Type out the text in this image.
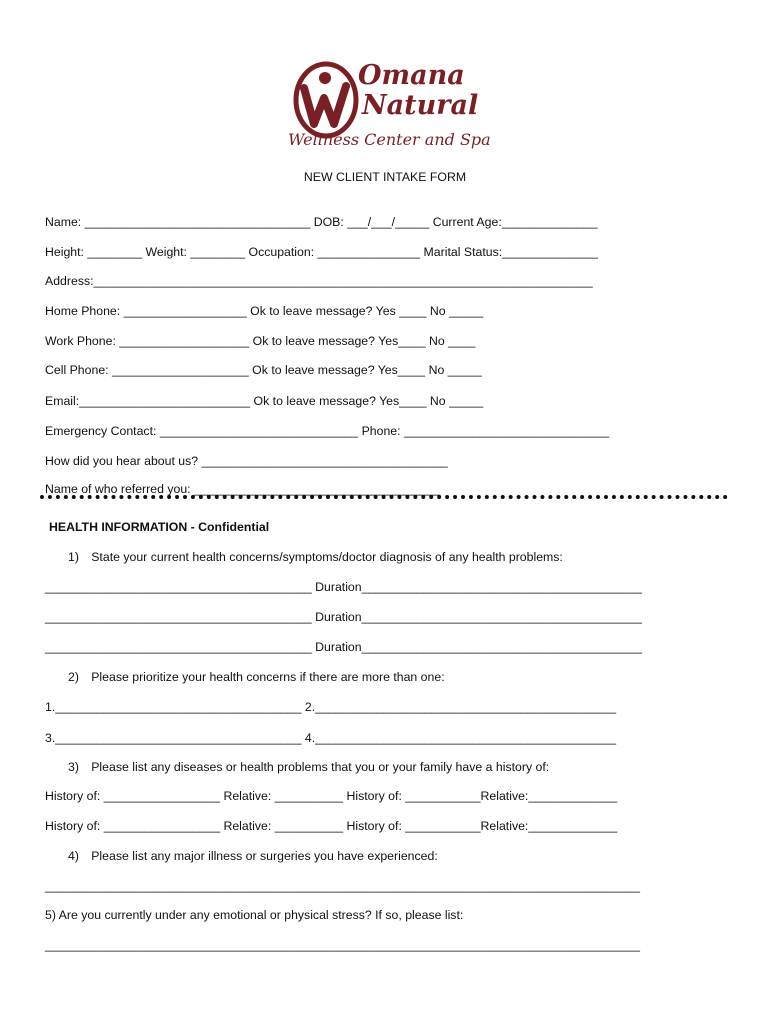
Omana
Natural
Wellness Center and Spa
NEW CLIENT INTAKE FORM
Name: _________________________________ DOB: ___/___/_____ Current Age:______________
Height: ________ Weight: ________ Occupation: _______________ Marital Status:______________
Address:_________________________________________________________________________
Home Phone: __________________ Ok to leave message? Yes ____ No _____
Work Phone: ___________________ Ok to leave message? Yes____ No ____
Cell Phone: ____________________ Ok to leave message? Yes____ No _____
Email:_________________________ Ok to leave message? Yes____ No _____
Emergency Contact: _____________________________ Phone: ______________________________
How did you hear about us? ____________________________________
Name of who referred you: ____________________________________
HEALTH INFORMATION - Confidential
1)  State your current health concerns/symptoms/doctor diagnosis of any health problems:
_______________________________________ Duration_________________________________________
_______________________________________ Duration_________________________________________
_______________________________________ Duration_________________________________________
2)  Please prioritize your health concerns if there are more than one:
1.____________________________________ 2.____________________________________________
3.____________________________________ 4.____________________________________________
3)  Please list any diseases or health problems that you or your family have a history of:
History of: _________________ Relative: __________ History of: ___________Relative:_____________
History of: _________________ Relative: __________ History of: ___________Relative:_____________
4)  Please list any major illness or surgeries you have experienced:
_______________________________________________________________________________________
5) Are you currently under any emotional or physical stress? If so, please list:
_______________________________________________________________________________________
